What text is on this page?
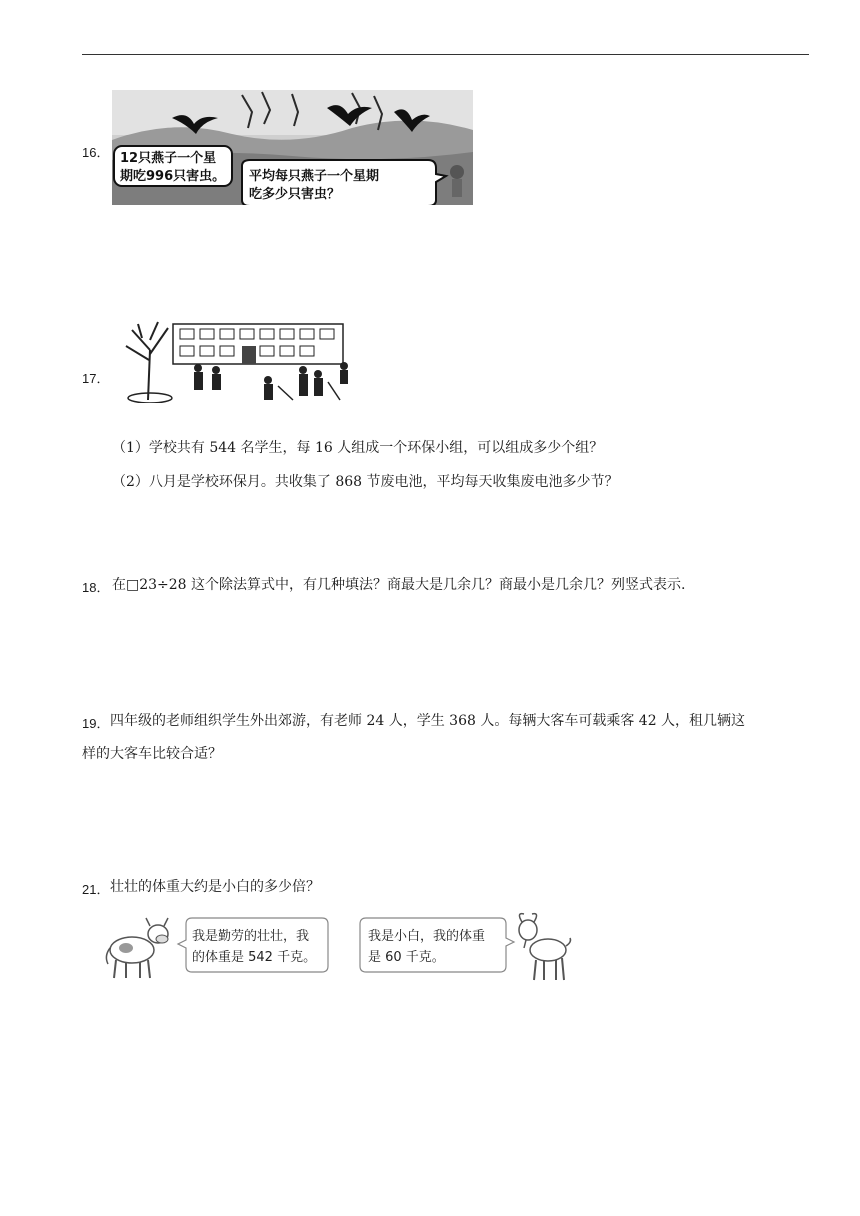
16． 12只燕子一个星
期吃996只害虫。 平均每只燕子一个星期
吃多少只害虫？
17．
（1）学校共有 544 名学生，每 16 人组成一个环保小组，可以组成多少个组？
（2）八月是学校环保月。共收集了 868 节废电池，平均每天收集废电池多少节？
18． 在□23÷28 这个除法算式中，有几种填法？商最大是几余几？商最小是几余几？列竖式表示.
19． 四年级的老师组织学生外出郊游，有老师 24 人，学生 368 人。每辆大客车可载乘客 42 人，租几辆这
样的大客车比较合适？
21． 壮壮的体重大约是小白的多少倍？
我是勤劳的壮壮，我
的体重是 542 千克。
我是小白，我的体重
是 60 千克。
